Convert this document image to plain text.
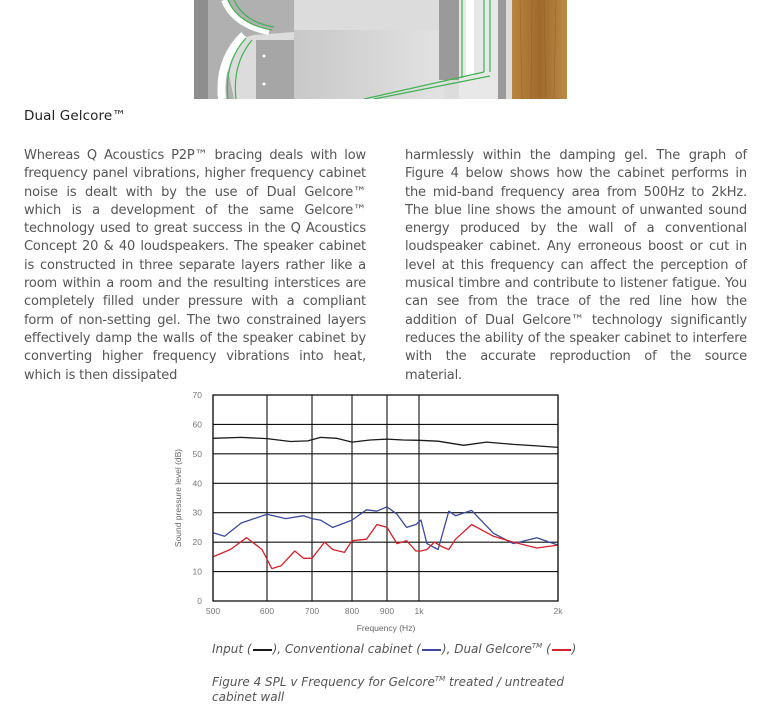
Dual Gelcore™
Whereas Q Acoustics P2P™ bracing deals with low frequency panel vibrations, higher frequency cabinet noise is dealt with by the use of Dual Gelcore™ which is a development of the same Gelcore™ technology used to great success in the Q Acoustics Concept 20 & 40 loudspeakers. The speaker cabinet is constructed in three separate layers rather like a room within a room and the resulting interstices are completely filled under pressure with a compliant form of non-setting gel. The two constrained layers effectively damp the walls of the speaker cabinet by converting higher frequency vibrations into heat, which is then dissipated
harmlessly within the damping gel. The graph of Figure 4 below shows how the cabinet performs in the mid-band frequency area from 500Hz to 2kHz. The blue line shows the amount of unwanted sound energy produced by the wall of a conventional loudspeaker cabinet. Any erroneous boost or cut in level at this frequency can affect the perception of musical timbre and contribute to listener fatigue. You can see from the trace of the red line how the addition of Dual Gelcore™ technology significantly reduces the ability of the speaker cabinet to interfere with the accurate reproduction of the source material.
0
10
20
30
40
50
60
70
500	600	700	800 900 1k	2k
Sound pressure level (dB)
Frequency (Hz)
Input ( ), Conventional cabinet ( ), Dual Gelcore™ ( )
Figure 4 SPL v Frequency for Gelcore™ treated / untreated cabinet wall
